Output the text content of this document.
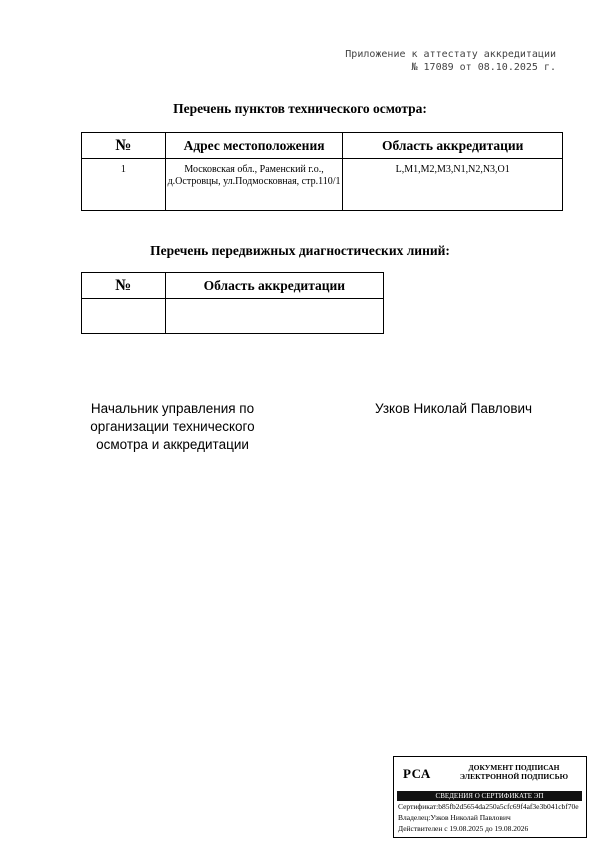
Приложение к аттестату аккредитации
№ 17089 от 08.10.2025 г.
Перечень пунктов технического осмотра:
№	Адрес местоположения	Область аккредитации
1	Московская обл., Раменский г.о., д.Островцы, ул.Подмосковная, стр.110/1	L,M1,M2,M3,N1,N2,N3,O1
Перечень передвижных диагностических линий:
№	Область аккредитации

Начальник управления по организации технического осмотра и аккредитации
Узков Николай Павлович
РСА	ДОКУМЕНТ ПОДПИСАН
ЭЛЕКТРОННОЙ ПОДПИСЬЮ
СВЕДЕНИЯ О СЕРТИФИКАТЕ ЭП
Сертификат:b85fb2d5654da250a5cfc69f4af3e3b041cbf70e
Владелец:Узков Николай Павлович
Действителен с 19.08.2025 до 19.08.2026
